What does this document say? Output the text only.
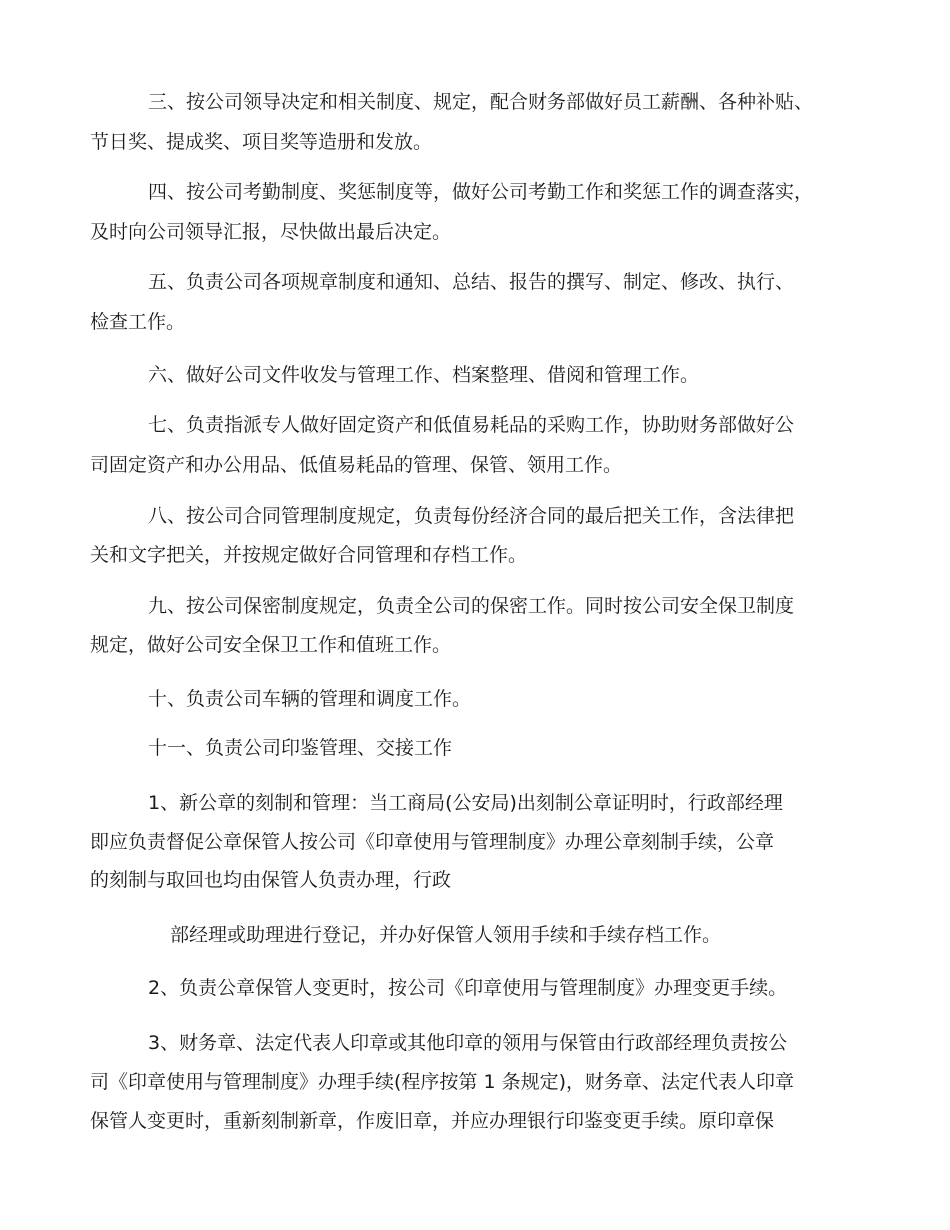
三、按公司领导决定和相关制度、规定，配合财务部做好员工薪酬、各种补贴、

节日奖、提成奖、项目奖等造册和发放。

四、按公司考勤制度、奖惩制度等，做好公司考勤工作和奖惩工作的调查落实，

及时向公司领导汇报，尽快做出最后决定。

五、负责公司各项规章制度和通知、总结、报告的撰写、制定、修改、执行、

检查工作。

六、做好公司文件收发与管理工作、档案整理、借阅和管理工作。

七、负责指派专人做好固定资产和低值易耗品的采购工作，协助财务部做好公

司固定资产和办公用品、低值易耗品的管理、保管、领用工作。

八、按公司合同管理制度规定，负责每份经济合同的最后把关工作，含法律把

关和文字把关，并按规定做好合同管理和存档工作。

九、按公司保密制度规定，负责全公司的保密工作。同时按公司安全保卫制度

规定，做好公司安全保卫工作和值班工作。

十、负责公司车辆的管理和调度工作。

十一、负责公司印鉴管理、交接工作

1、新公章的刻制和管理：当工商局(公安局)出刻制公章证明时，行政部经理

即应负责督促公章保管人按公司《印章使用与管理制度》办理公章刻制手续，公章

的刻制与取回也均由保管人负责办理，行政

部经理或助理进行登记，并办好保管人领用手续和手续存档工作。

2、负责公章保管人变更时，按公司《印章使用与管理制度》办理变更手续。

3、财务章、法定代表人印章或其他印章的领用与保管由行政部经理负责按公

司《印章使用与管理制度》办理手续(程序按第 1 条规定)，财务章、法定代表人印章

保管人变更时，重新刻制新章，作废旧章，并应办理银行印鉴变更手续。原印章保
